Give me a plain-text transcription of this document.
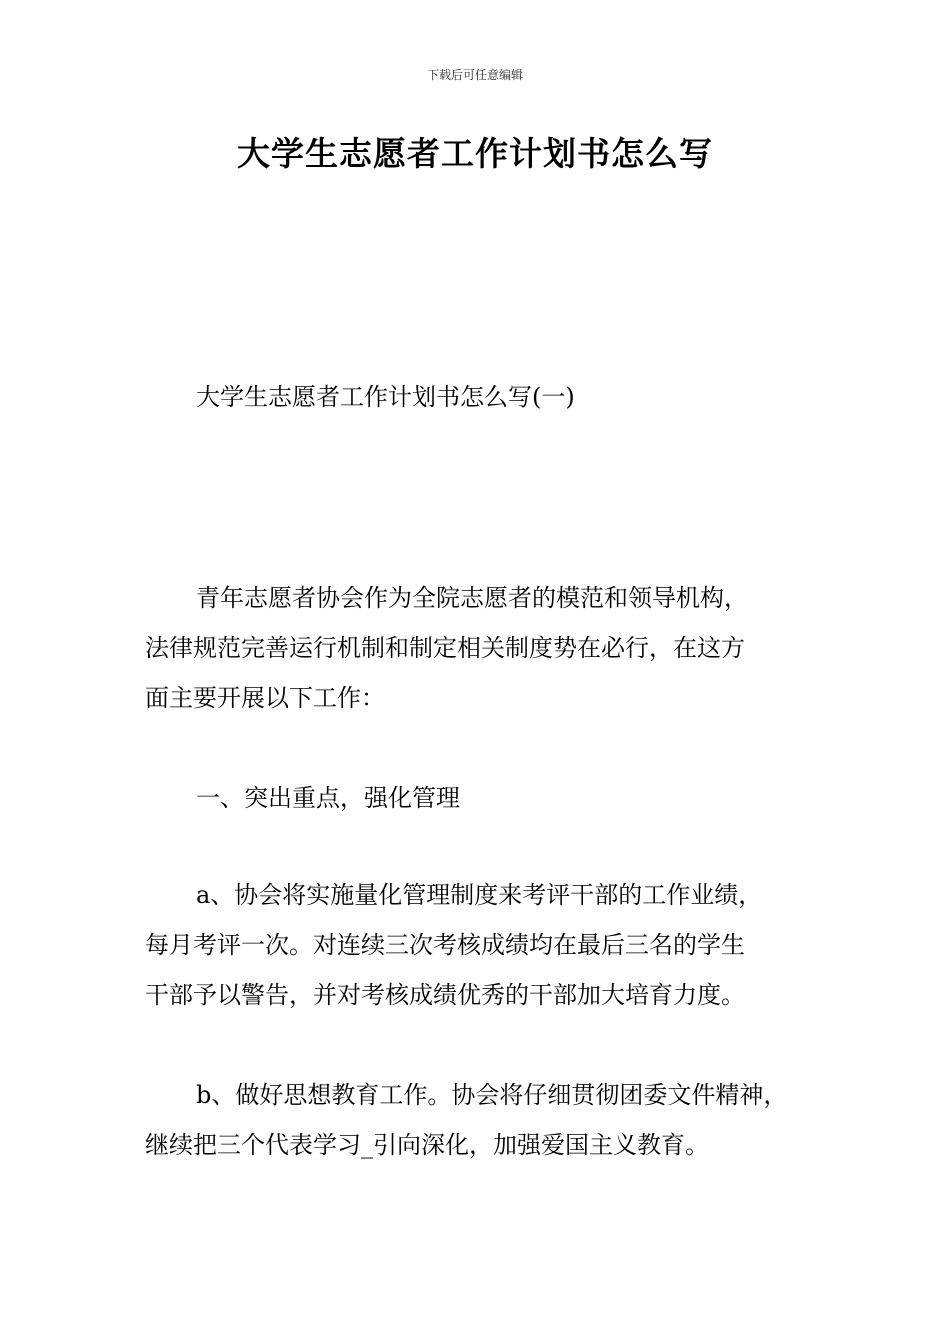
下载后可任意编辑
大学生志愿者工作计划书怎么写

大学生志愿者工作计划书怎么写(一)

青年志愿者协会作为全院志愿者的模范和领导机构，
法律规范完善运行机制和制定相关制度势在必行，在这方
面主要开展以下工作：

一、突出重点，强化管理

a、协会将实施量化管理制度来考评干部的工作业绩，
每月考评一次。对连续三次考核成绩均在最后三名的学生
干部予以警告，并对考核成绩优秀的干部加大培育力度。

b、做好思想教育工作。协会将仔细贯彻团委文件精神，
继续把三个代表学习_引向深化，加强爱国主义教育。
